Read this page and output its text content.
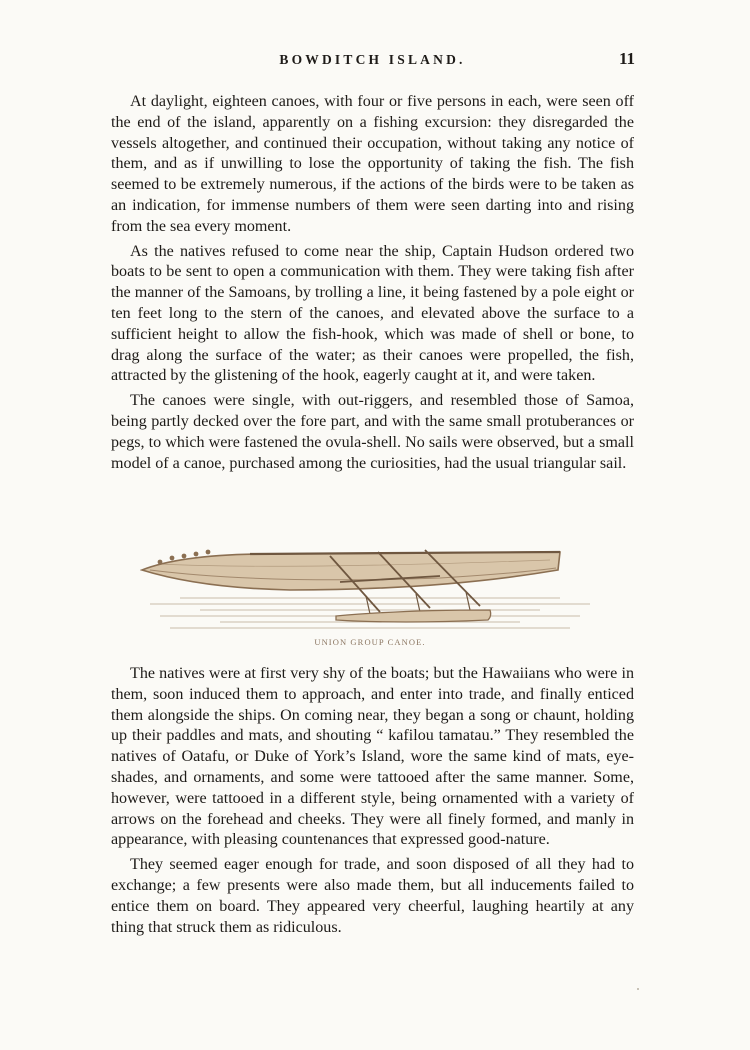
BOWDITCH ISLAND.	11

At daylight, eighteen canoes, with four or five persons in each, were seen off the end of the island, apparently on a fishing excursion: they disregarded the vessels altogether, and continued their occupation, without taking any notice of them, and as if unwilling to lose the opportunity of taking the fish. The fish seemed to be extremely numerous, if the actions of the birds were to be taken as an indication, for immense numbers of them were seen darting into and rising from the sea every moment.

As the natives refused to come near the ship, Captain Hudson ordered two boats to be sent to open a communication with them. They were taking fish after the manner of the Samoans, by trolling a line, it being fastened by a pole eight or ten feet long to the stern of the canoes, and elevated above the surface to a sufficient height to allow the fish-hook, which was made of shell or bone, to drag along the surface of the water; as their canoes were propelled, the fish, attracted by the glistening of the hook, eagerly caught at it, and were taken.

The canoes were single, with out-riggers, and resembled those of Samoa, being partly decked over the fore part, and with the same small protuberances or pegs, to which were fastened the ovula-shell. No sails were observed, but a small model of a canoe, purchased among the curiosities, had the usual triangular sail.

UNION GROUP CANOE.

The natives were at first very shy of the boats; but the Hawaiians who were in them, soon induced them to approach, and enter into trade, and finally enticed them alongside the ships. On coming near, they began a song or chaunt, holding up their paddles and mats, and shouting “ kafilou tamatau.” They resembled the natives of Oatafu, or Duke of York’s Island, wore the same kind of mats, eye-shades, and ornaments, and some were tattooed after the same manner. Some, however, were tattooed in a different style, being ornamented with a variety of arrows on the forehead and cheeks. They were all finely formed, and manly in appearance, with pleasing countenances that expressed good-nature.

They seemed eager enough for trade, and soon disposed of all they had to exchange; a few presents were also made them, but all inducements failed to entice them on board. They appeared very cheerful, laughing heartily at any thing that struck them as ridiculous.
